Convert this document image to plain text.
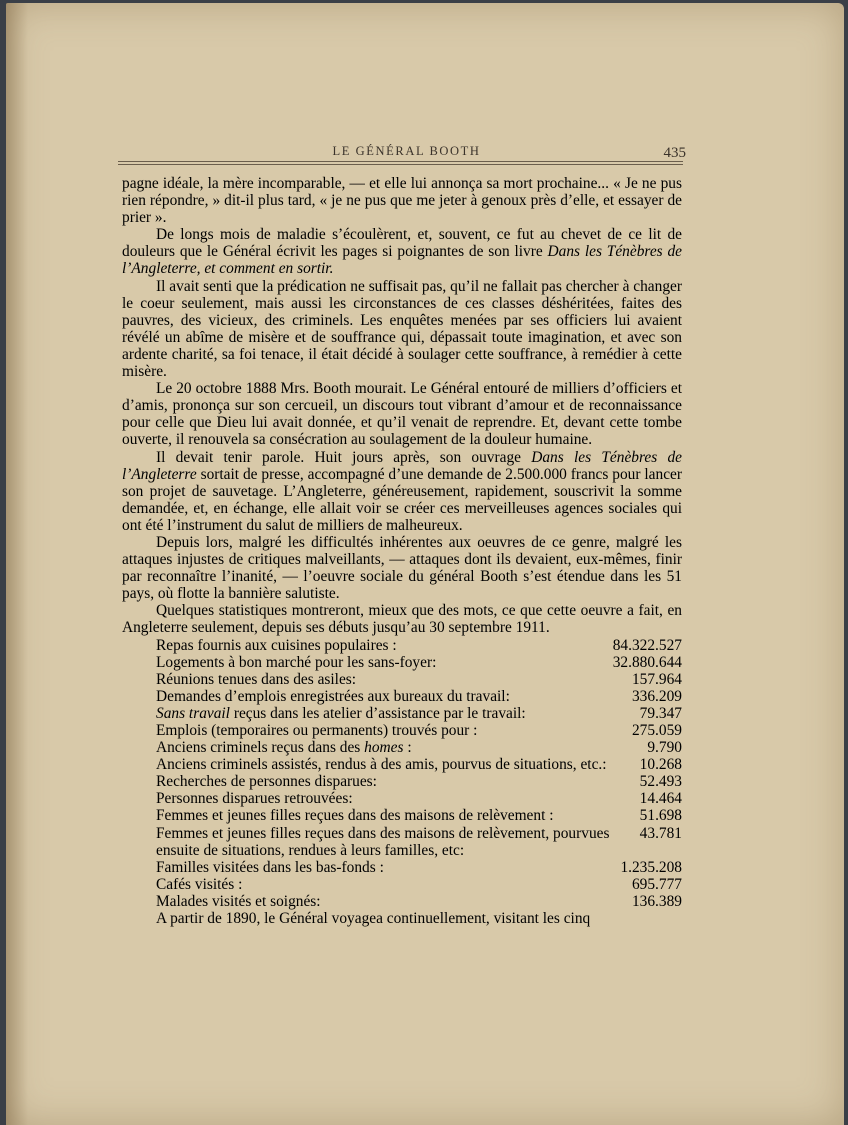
LE GÉNÉRAL BOOTH	435

pagne idéale, la mère incomparable, — et elle lui annonça sa mort prochaine... « Je ne pus rien répondre, » dit-il plus tard, « je ne pus que me jeter à genoux près d’elle, et essayer de prier ».

De longs mois de maladie s’écoulèrent, et, souvent, ce fut au chevet de ce lit de douleurs que le Général écrivit les pages si poignantes de son livre Dans les Ténèbres de l’Angleterre, et comment en sortir.

Il avait senti que la prédication ne suffisait pas, qu’il ne fallait pas chercher à changer le coeur seulement, mais aussi les circonstances de ces classes déshéritées, faites des pauvres, des vicieux, des criminels. Les enquêtes menées par ses officiers lui avaient révélé un abîme de misère et de souffrance qui, dépassait toute imagination, et avec son ardente charité, sa foi tenace, il était décidé à soulager cette souffrance, à remédier à cette misère.

Le 20 octobre 1888 Mrs. Booth mourait. Le Général entouré de milliers d’officiers et d’amis, prononça sur son cercueil, un discours tout vibrant d’amour et de reconnaissance pour celle que Dieu lui avait donnée, et qu’il venait de reprendre. Et, devant cette tombe ouverte, il renouvela sa consécration au soulagement de la douleur humaine.

Il devait tenir parole. Huit jours après, son ouvrage Dans les Ténèbres de l’Angleterre sortait de presse, accompagné d’une demande de 2.500.000 francs pour lancer son projet de sauvetage. L’Angleterre, généreusement, rapidement, souscrivit la somme demandée, et, en échange, elle allait voir se créer ces merveilleuses agences sociales qui ont été l’instrument du salut de milliers de malheureux.

Depuis lors, malgré les difficultés inhérentes aux oeuvres de ce genre, malgré les attaques injustes de critiques malveillants, — attaques dont ils devaient, eux-mêmes, finir par reconnaître l’inanité, — l’oeuvre sociale du général Booth s’est étendue dans les 51 pays, où flotte la bannière salutiste.

Quelques statistiques montreront, mieux que des mots, ce que cette oeuvre a fait, en Angleterre seulement, depuis ses débuts jusqu’au 30 septembre 1911.

Repas fournis aux cuisines populaires :	84.322.527
Logements à bon marché pour les sans-foyer:	32.880.644
Réunions tenues dans des asiles:	157.964
Demandes d’emplois enregistrées aux bureaux du travail:	336.209
Sans travail reçus dans les atelier d’assistance par le travail:	79.347
Emplois (temporaires ou permanents) trouvés pour :	275.059
Anciens criminels reçus dans des homes :	9.790
Anciens criminels assistés, rendus à des amis, pourvus de situations, etc.:	10.268
Recherches de personnes disparues:	52.493
Personnes disparues retrouvées:	14.464
Femmes et jeunes filles reçues dans des maisons de relèvement :	51.698
Femmes et jeunes filles reçues dans des maisons de relèvement, pourvues ensuite de situations, rendues à leurs familles, etc:
43.781
Familles visitées dans les bas-fonds :	1.235.208
Cafés visités :	695.777
Malades visités et soignés:	136.389

A partir de 1890, le Général voyagea continuellement, visitant les cinq
